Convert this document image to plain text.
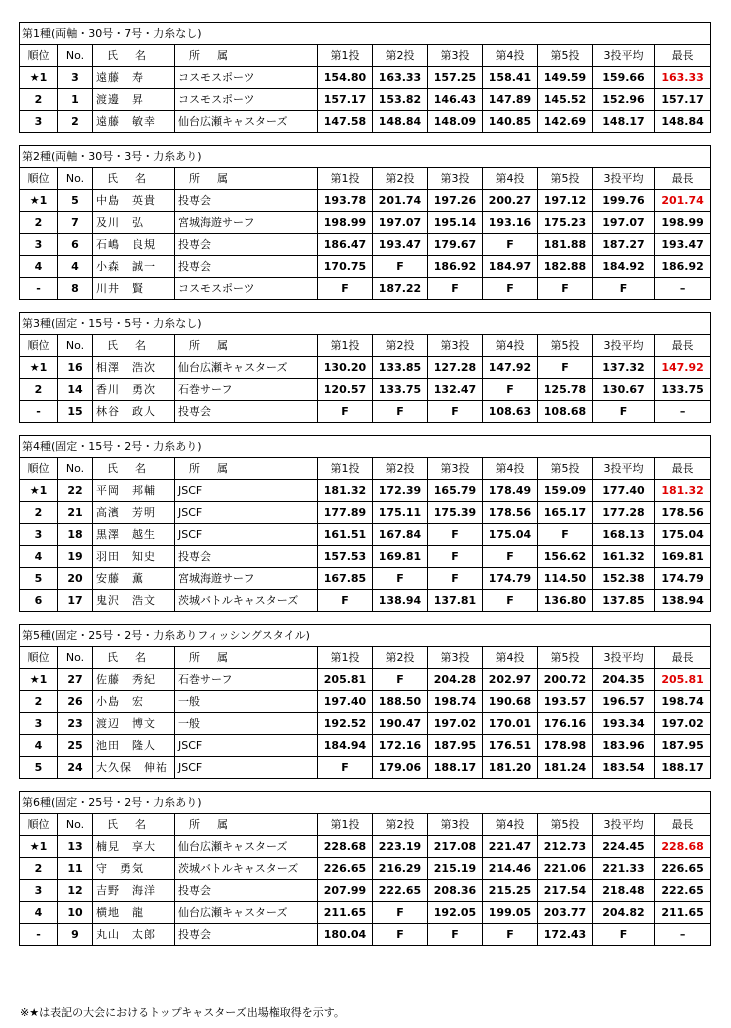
第1種(両軸・30号・7号・力糸なし)										
順位	No.	氏　名	所　属	第1投	第2投	第3投	第4投	第5投	3投平均	最長
★1	3	遠藤　寿	コスモスポーツ	154.80	163.33	157.25	158.41	149.59	159.66	163.33
2	1	渡邊　昇	コスモスポーツ	157.17	153.82	146.43	147.89	145.52	152.96	157.17
3	2	遠藤　敏幸	仙台広瀬キャスターズ	147.58	148.84	148.09	140.85	142.69	148.17	148.84
第2種(両軸・30号・3号・力糸あり)										
順位	No.	氏　名	所　属	第1投	第2投	第3投	第4投	第5投	3投平均	最長
★1	5	中島　英貴	投専会	193.78	201.74	197.26	200.27	197.12	199.76	201.74
2	7	及川　弘	宮城海遊サーフ	198.99	197.07	195.14	193.16	175.23	197.07	198.99
3	6	石嶋　良規	投専会	186.47	193.47	179.67	F	181.88	187.27	193.47
4	4	小森　誠一	投専会	170.75	F	186.92	184.97	182.88	184.92	186.92
-	8	川井　賢	コスモスポーツ	F	187.22	F	F	F	F	–
第3種(固定・15号・5号・力糸なし)										
順位	No.	氏　名	所　属	第1投	第2投	第3投	第4投	第5投	3投平均	最長
★1	16	相澤　浩次	仙台広瀬キャスターズ	130.20	133.85	127.28	147.92	F	137.32	147.92
2	14	香川　勇次	石巻サーフ	120.57	133.75	132.47	F	125.78	130.67	133.75
-	15	林谷　政人	投専会	F	F	F	108.63	108.68	F	–
第4種(固定・15号・2号・力糸あり)										
順位	No.	氏　名	所　属	第1投	第2投	第3投	第4投	第5投	3投平均	最長
★1	22	平岡　邦輔	JSCF	181.32	172.39	165.79	178.49	159.09	177.40	181.32
2	21	高濱　芳明	JSCF	177.89	175.11	175.39	178.56	165.17	177.28	178.56
3	18	黒澤　越生	JSCF	161.51	167.84	F	175.04	F	168.13	175.04
4	19	羽田　知史	投専会	157.53	169.81	F	F	156.62	161.32	169.81
5	20	安藤　薫	宮城海遊サーフ	167.85	F	F	174.79	114.50	152.38	174.79
6	17	鬼沢　浩文	茨城バトルキャスターズ	F	138.94	137.81	F	136.80	137.85	138.94
第5種(固定・25号・2号・力糸ありフィッシングスタイル)										
順位	No.	氏　名	所　属	第1投	第2投	第3投	第4投	第5投	3投平均	最長
★1	27	佐藤　秀紀	石巻サーフ	205.81	F	204.28	202.97	200.72	204.35	205.81
2	26	小島　宏	一般	197.40	188.50	198.74	190.68	193.57	196.57	198.74
3	23	渡辺　博文	一般	192.52	190.47	197.02	170.01	176.16	193.34	197.02
4	25	池田　隆人	JSCF	184.94	172.16	187.95	176.51	178.98	183.96	187.95
5	24	大久保　伸祐	JSCF	F	179.06	188.17	181.20	181.24	183.54	188.17
第6種(固定・25号・2号・力糸あり)										
順位	No.	氏　名	所　属	第1投	第2投	第3投	第4投	第5投	3投平均	最長
★1	13	楠見　享大	仙台広瀬キャスターズ	228.68	223.19	217.08	221.47	212.73	224.45	228.68
2	11	守　勇気	茨城バトルキャスターズ	226.65	216.29	215.19	214.46	221.06	221.33	226.65
3	12	吉野　海洋	投専会	207.99	222.65	208.36	215.25	217.54	218.48	222.65
4	10	横地　龍	仙台広瀬キャスターズ	211.65	F	192.05	199.05	203.77	204.82	211.65
-	9	丸山　太郎	投専会	180.04	F	F	F	172.43	F	–
※★は表記の大会におけるトップキャスターズ出場権取得を示す。
